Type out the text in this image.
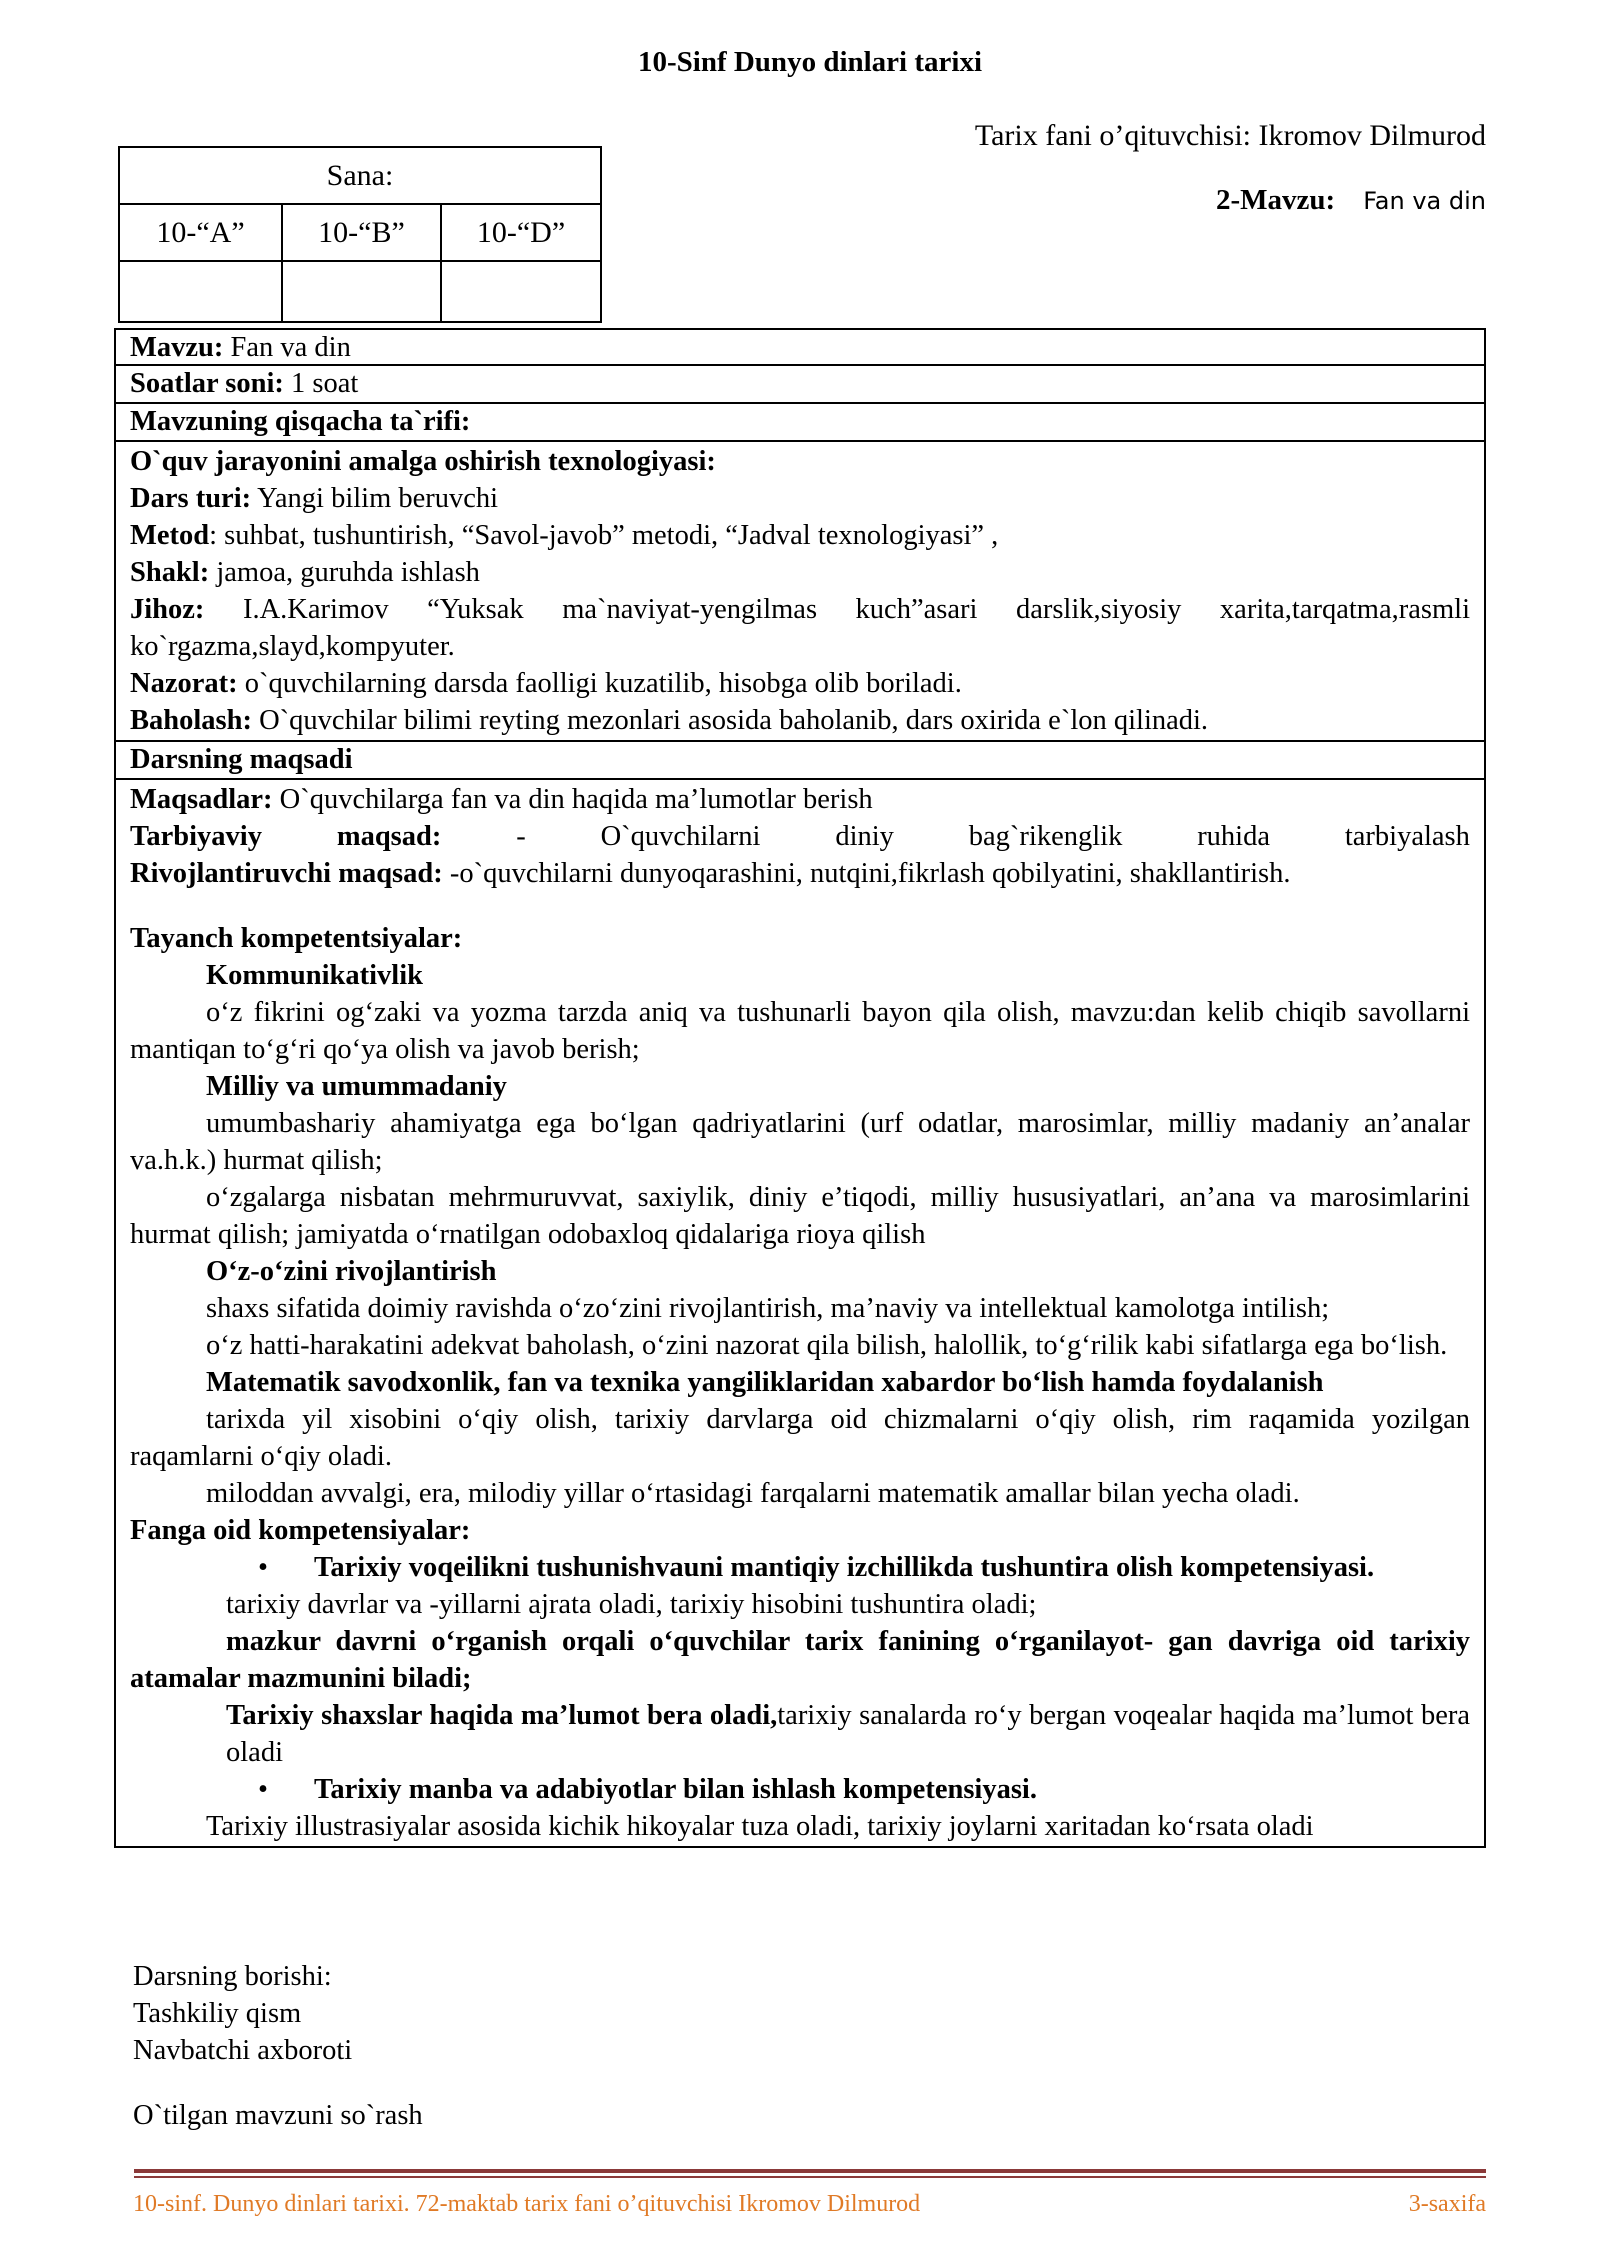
10-Sinf Dunyo dinlari tarixi
Tarix fani o’qituvchisi: Ikromov Dilmurod
2-Mavzu: Fan va din
Sana:		
10-“A”	10-“B”	10-“D”

Mavzu: Fan va din
Soatlar soni: 1 soat
Mavzuning qisqacha ta`rifi:
O`quv jarayonini amalga oshirish texnologiyasi:
Dars turi: Yangi bilim beruvchi
Metod: suhbat, tushuntirish, “Savol-javob” metodi, “Jadval texnologiyasi” ,
Shakl: jamoa, guruhda ishlash
Jihoz: I.A.Karimov “Yuksak ma`naviyat-yengilmas kuch”asari darslik,siyosiy xarita,tarqatma,rasmli ko`rgazma,slayd,kompyuter.
Nazorat: o`quvchilarning darsda faolligi kuzatilib, hisobga olib boriladi.
Baholash: O`quvchilar bilimi reyting mezonlari asosida baholanib, dars oxirida e`lon qilinadi.
Darsning maqsadi
Maqsadlar: O`quvchilarga fan va din haqida ma’lumotlar berish
Tarbiyaviy	maqsad:	-	O`quvchilarni	diniy	bag`rikenglik	ruhida	tarbiyalash
Rivojlantiruvchi maqsad: -o`quvchilarni dunyoqarashini, nutqini,fikrlash qobilyatini, shakllantirish.
Tayanch kompetentsiyalar:
Kommunikativlik
o‘z fikrini og‘zaki va yozma tarzda aniq va tushunarli bayon qila olish, mavzu:dan kelib chiqib savollarni mantiqan to‘g‘ri qo‘ya olish va javob berish;
Milliy va umummadaniy
umumbashariy ahamiyatga ega bo‘lgan qadriyatlarini (urf odatlar, marosimlar, milliy madaniy an’analar va.h.k.) hurmat qilish;
o‘zgalarga nisbatan mehrmuruvvat, saxiylik, diniy e’tiqodi, milliy hususiyatlari, an’ana va marosimlarini hurmat qilish; jamiyatda o‘rnatilgan odobaxloq qidalariga rioya qilish
O‘z-o‘zini rivojlantirish
shaxs sifatida doimiy ravishda o‘zo‘zini rivojlantirish, ma’naviy va intellektual kamolotga intilish;
o‘z hatti-harakatini adekvat baholash, o‘zini nazorat qila bilish, halollik, to‘g‘rilik kabi sifatlarga ega bo‘lish.
Matematik savodxonlik, fan va texnika yangiliklaridan xabardor bo‘lish hamda foydalanish
tarixda yil xisobini o‘qiy olish, tarixiy darvlarga oid chizmalarni o‘qiy olish, rim raqamida yozilgan raqamlarni o‘qiy oladi.
miloddan avvalgi, era, milodiy yillar o‘rtasidagi farqalarni matematik amallar bilan yecha oladi.
Fanga oid kompetensiyalar:
•	Tarixiy voqeilikni tushunishvauni mantiqiy izchillikda tushuntira olish kompetensiyasi.
tarixiy davrlar va -yillarni ajrata oladi, tarixiy hisobini tushuntira oladi;
mazkur davrni o‘rganish orqali o‘quvchilar tarix fanining o‘rganilayot- gan davriga oid tarixiy atamalar mazmunini biladi;
Tarixiy shaxslar haqida ma’lumot bera oladi,tarixiy sanalarda ro‘y bergan voqealar haqida ma’lumot bera oladi
•	Tarixiy manba va adabiyotlar bilan ishlash kompetensiyasi.
Tarixiy illustrasiyalar asosida kichik hikoyalar tuza oladi, tarixiy joylarni xaritadan ko‘rsata oladi

Darsning borishi:

Tashkiliy qism

Navbatchi axboroti

O`tilgan mavzuni so`rash

10-sinf. Dunyo dinlari tarixi. 72-maktab tarix fani o’qituvchisi Ikromov Dilmurod	3-saxifa
